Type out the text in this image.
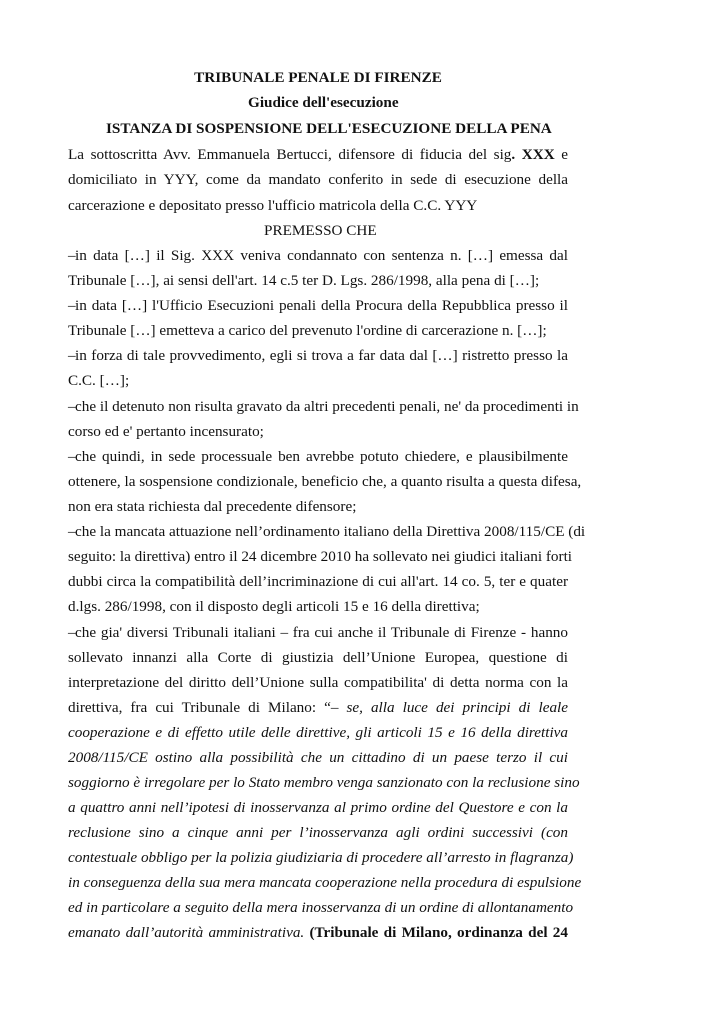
TRIBUNALE PENALE DI FIRENZE
Giudice dell'esecuzione
ISTANZA DI SOSPENSIONE DELL'ESECUZIONE DELLA PENA
La sottoscritta Avv. Emmanuela Bertucci, difensore di fiducia del sig. XXX e
domiciliato in YYY, come da mandato conferito in sede di esecuzione della
carcerazione e depositato presso l'ufficio matricola della C.C. YYY
PREMESSO CHE
–in data […] il Sig. XXX veniva condannato con sentenza n. […] emessa dal
Tribunale […], ai sensi dell'art. 14 c.5 ter D. Lgs. 286/1998, alla pena di […];
–in data […] l'Ufficio Esecuzioni penali della Procura della Repubblica presso il
Tribunale […] emetteva a carico del prevenuto l'ordine di carcerazione n. […];
–in forza di tale provvedimento, egli si trova a far data dal […] ristretto presso la
C.C. […];
–che il detenuto non risulta gravato da altri precedenti penali, ne' da procedimenti in
corso ed e' pertanto incensurato;
–che quindi, in sede processuale ben avrebbe potuto chiedere, e plausibilmente
ottenere, la sospensione condizionale, beneficio che, a quanto risulta a questa difesa,
non era stata richiesta dal precedente difensore;
–che la mancata attuazione nell’ordinamento italiano della Direttiva 2008/115/CE (di
seguito: la direttiva) entro il 24 dicembre 2010 ha sollevato nei giudici italiani forti
dubbi circa la compatibilità dell’incriminazione di cui all'art. 14 co. 5, ter e quater
d.lgs. 286/1998, con il disposto degli articoli 15 e 16 della direttiva;
–che gia' diversi Tribunali italiani – fra cui anche il Tribunale di Firenze - hanno
sollevato innanzi alla Corte di giustizia dell’Unione Europea, questione di
interpretazione del diritto dell’Unione sulla compatibilita' di detta norma con la
direttiva, fra cui Tribunale di Milano: “– se, alla luce dei principi di leale
cooperazione e di effetto utile delle direttive, gli articoli 15 e 16 della direttiva
2008/115/CE ostino alla possibilità che un cittadino di un paese terzo il cui
soggiorno è irregolare per lo Stato membro venga sanzionato con la reclusione sino
a quattro anni nell’ipotesi di inosservanza al primo ordine del Questore e con la
reclusione sino a cinque anni per l’inosservanza agli ordini successivi (con
contestuale obbligo per la polizia giudiziaria di procedere all’arresto in flagranza)
in conseguenza della sua mera mancata cooperazione nella procedura di espulsione
ed in particolare a seguito della mera inosservanza di un ordine di allontanamento
emanato dall’autorità amministrativa. (Tribunale di Milano, ordinanza del 24
